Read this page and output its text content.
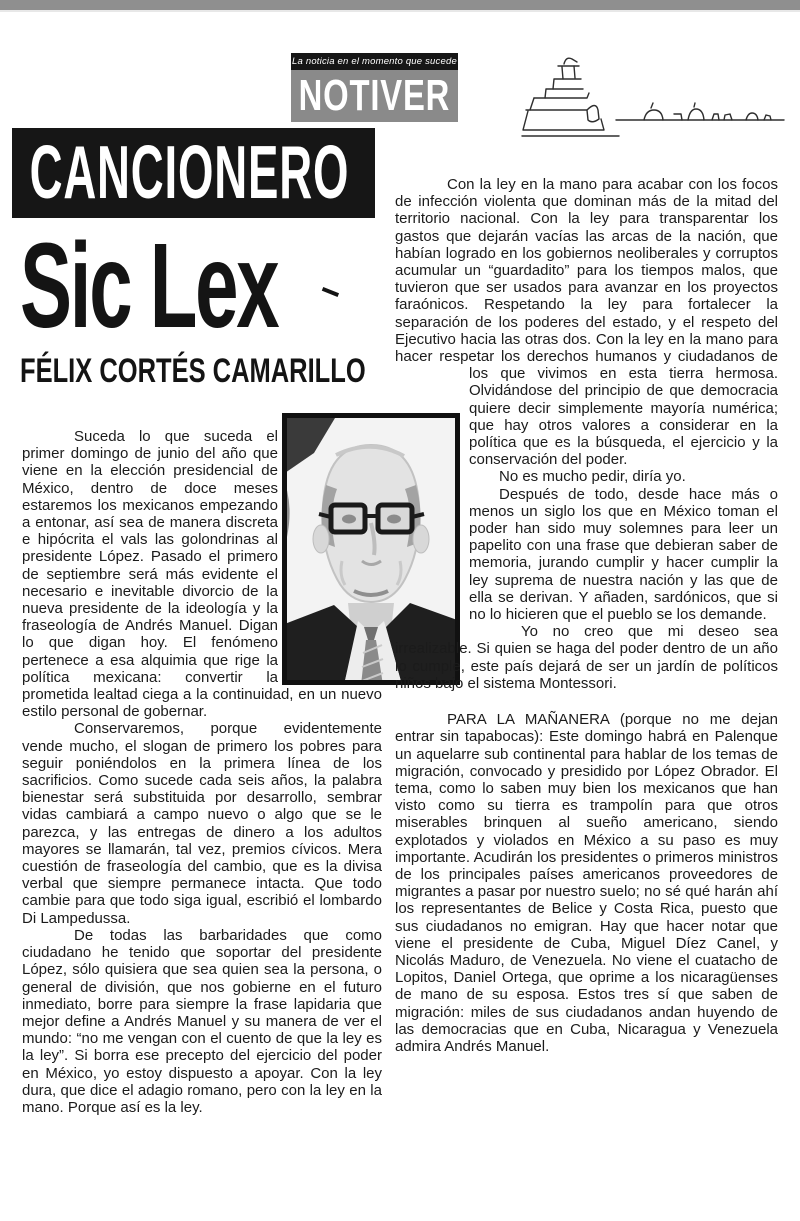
La noticia en el momento que sucede
NOTIVER
CANCIONERO
Sic Lex
FÉLIX CORTÉS CAMARILLO

Suceda lo que suceda el primer domingo de junio del año que viene en la elección presidencial de México, dentro de doce meses estaremos los mexicanos empezando a entonar, así sea de manera discreta e hipócrita el vals las golondrinas al presidente López. Pasado el primero de septiembre será más evidente el necesario e inevitable divorcio de la nueva presidente de la ideología y la fraseología de Andrés Manuel. Digan lo que digan hoy. El fenómeno pertenece a esa alquimia que rige la política mexicana: convertir la prometida lealtad ciega a la continuidad, en un nuevo estilo personal de gobernar.

Conservaremos, porque evidentemente vende mucho, el slogan de primero los pobres para seguir poniéndolos en la primera línea de los sacrificios. Como sucede cada seis años, la palabra bienestar será substituida por desarrollo, sembrar vidas cambiará a campo nuevo o algo que se le parezca, y las entregas de dinero a los adultos mayores se llamarán, tal vez, premios cívicos. Mera cuestión de fraseología del cambio, que es la divisa verbal que siempre permanece intacta. Que todo cambie para que todo siga igual, escribió el lombardo Di Lampedussa.

De todas las barbaridades que como ciudadano he tenido que soportar del presidente López, sólo quisiera que sea quien sea la persona, o general de división, que nos gobierne en el futuro inmediato, borre para siempre la frase lapidaria que mejor define a Andrés Manuel y su manera de ver el mundo: “no me vengan con el cuento de que la ley es la ley”. Si borra ese precepto del ejercicio del poder en México, yo estoy dispuesto a apoyar. Con la ley dura, que dice el adagio romano, pero con la ley en la mano. Porque así es la ley.

Con la ley en la mano para acabar con los focos de infección violenta que dominan más de la mitad del territorio nacional. Con la ley para transparentar los gastos que dejarán vacías las arcas de la nación, que habían logrado en los gobiernos neoliberales y corruptos acumular un “guardadito” para los tiempos malos, que tuvieron que ser usados para avanzar en los proyectos faraónicos. Respetando la ley para fortalecer la separación de los poderes del estado, y el respeto del Ejecutivo hacia las otras dos. Con la ley en la mano para hacer respetar los derechos humanos y ciudadanos de los que vivimos en
esta tierra hermosa. Olvidándose del principio de que democracia quiere decir simplemente mayoría numérica; que hay otros valores a considerar en la política que es la búsqueda, el ejercicio y la conservación del poder.

No es mucho pedir, diría yo.

Después de todo, desde hace más o menos un siglo los que en México toman el poder han sido muy solemnes para leer un papelito con una frase que debieran saber de memoria, jurando cumplir y hacer cumplir la ley suprema de nuestra nación y las que de ella se derivan. Y añaden, sardónicos, que si no lo hicieren que el pueblo se los demande.

Yo no creo que mi deseo sea irrealizable. Si quien se haga del poder dentro de un año lo cumple, este país dejará de ser un jardín de políticos niños bajo el sistema Montessori.

PARA LA MAÑANERA (porque no me dejan entrar sin tapabocas): Este domingo habrá en Palenque un aquelarre sub continental para hablar de los temas de migración, convocado y presidido por López Obrador. El tema, como lo saben muy bien los mexicanos que han visto como su tierra es trampolín para que otros miserables brinquen al sueño americano, siendo explotados y violados en México a su paso es muy importante. Acudirán los presidentes o primeros ministros de los principales países americanos proveedores de migrantes a pasar por nuestro suelo; no sé qué harán ahí los representantes de Belice y Costa Rica, puesto que sus ciudadanos no emigran. Hay que hacer notar que viene el presidente de Cuba, Miguel Díez Canel, y Nicolás Maduro, de Venezuela. No viene el cuatacho de Lopitos, Daniel Ortega, que oprime a los nicaragüenses de mano de su esposa. Estos tres sí que saben de migración: miles de sus ciudadanos andan huyendo de las democracias que en Cuba, Nicaragua y Venezuela admira Andrés Manuel.
